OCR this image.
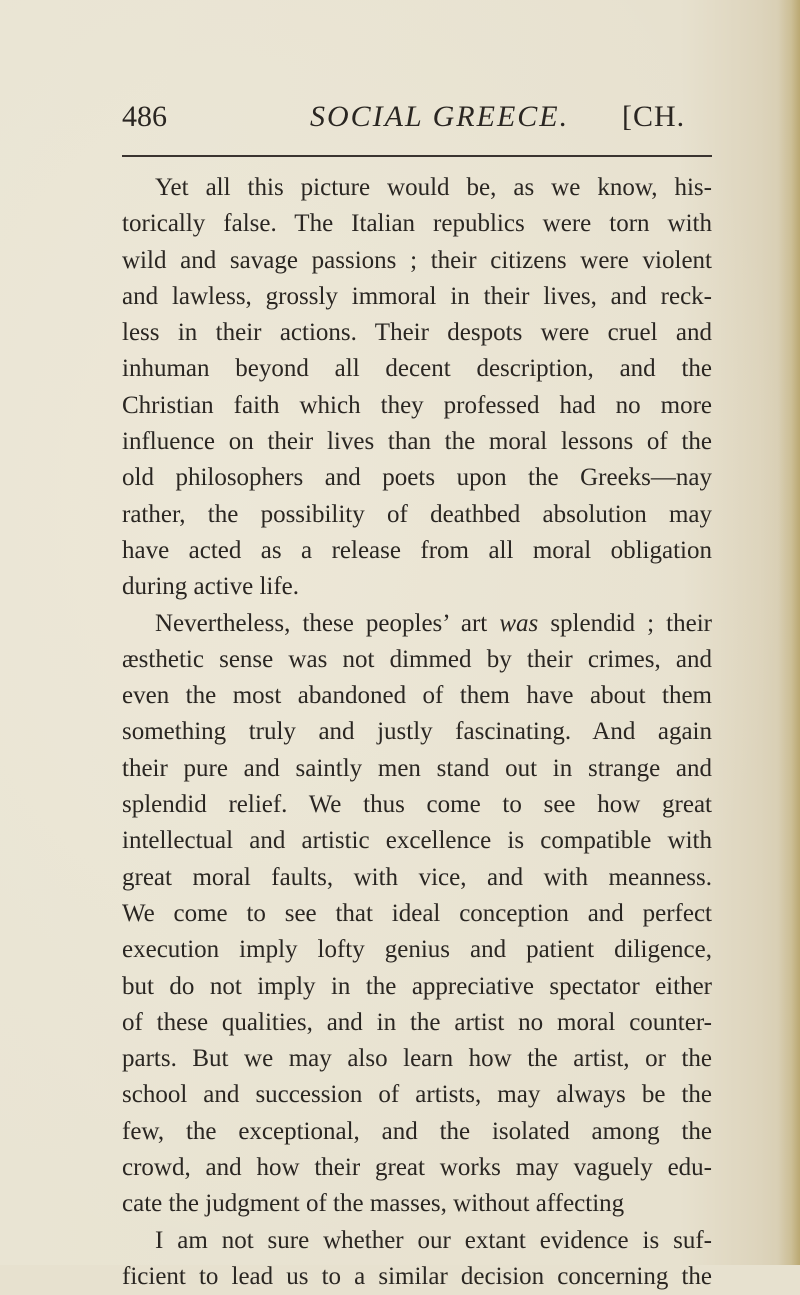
486	SOCIAL GREECE. [CH.
Yet all this picture would be, as we know, his-
torically false. The Italian republics were torn with
wild and savage passions ; their citizens were violent
and lawless, grossly immoral in their lives, and reck-
less in their actions. Their despots were cruel and
inhuman beyond all decent description, and the
Christian faith which they professed had no more
influence on their lives than the moral lessons of the
old philosophers and poets upon the Greeks—nay
rather, the possibility of deathbed absolution may
have acted as a release from all moral obligation
during active life.
Nevertheless, these peoples’ art was splendid ; their
æsthetic sense was not dimmed by their crimes, and
even the most abandoned of them have about them
something truly and justly fascinating. And again
their pure and saintly men stand out in strange and
splendid relief. We thus come to see how great
intellectual and artistic excellence is compatible with
great moral faults, with vice, and with meanness.
We come to see that ideal conception and perfect
execution imply lofty genius and patient diligence,
but do not imply in the appreciative spectator either
of these qualities, and in the artist no moral counter-
parts. But we may also learn how the artist, or the
school and succession of artists, may always be the
few, the exceptional, and the isolated among the
crowd, and how their great works may vaguely edu-
cate the judgment of the masses, without affecting
I am not sure whether our extant evidence is suf-
ficient to lead us to a similar decision concerning the
